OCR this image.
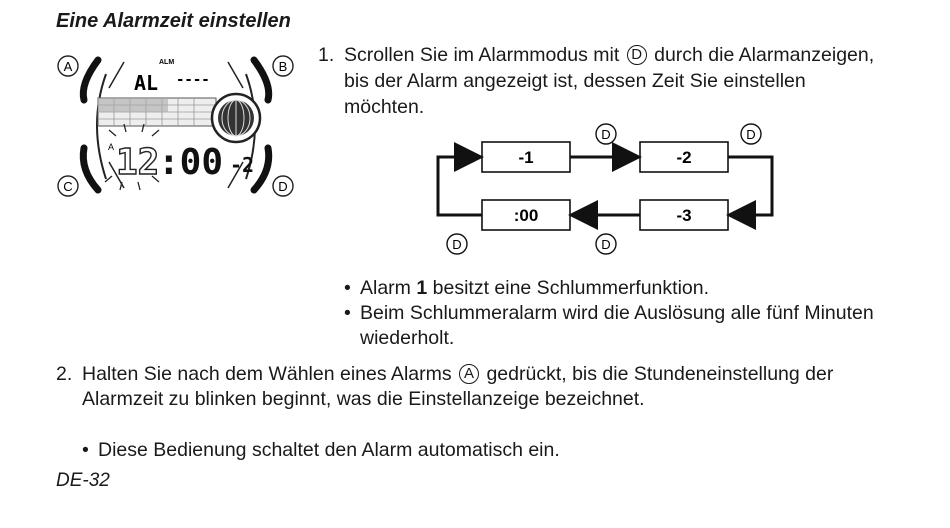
Eine Alarmzeit einstellen
A	B
C	D
ALM
AL ----
A 12
:00 -2
12:00	1. Scrollen Sie im Alarmmodus mit D durch die Alarmanzeigen, bis der Alarm angezeigt ist, dessen Zeit Sie einstellen möchten.
-1	-2
-3
:00
D	D
D	D
• Alarm 1 besitzt eine Schlummerfunktion.
• Beim Schlummeralarm wird die Auslösung alle fünf Minuten wiederholt.
2. Halten Sie nach dem Wählen eines Alarms A gedrückt, bis die Stundeneinstellung der Alarmzeit zu blinken beginnt, was die Einstellanzeige bezeichnet.
• Diese Bedienung schaltet den Alarm automatisch ein.
DE-32
